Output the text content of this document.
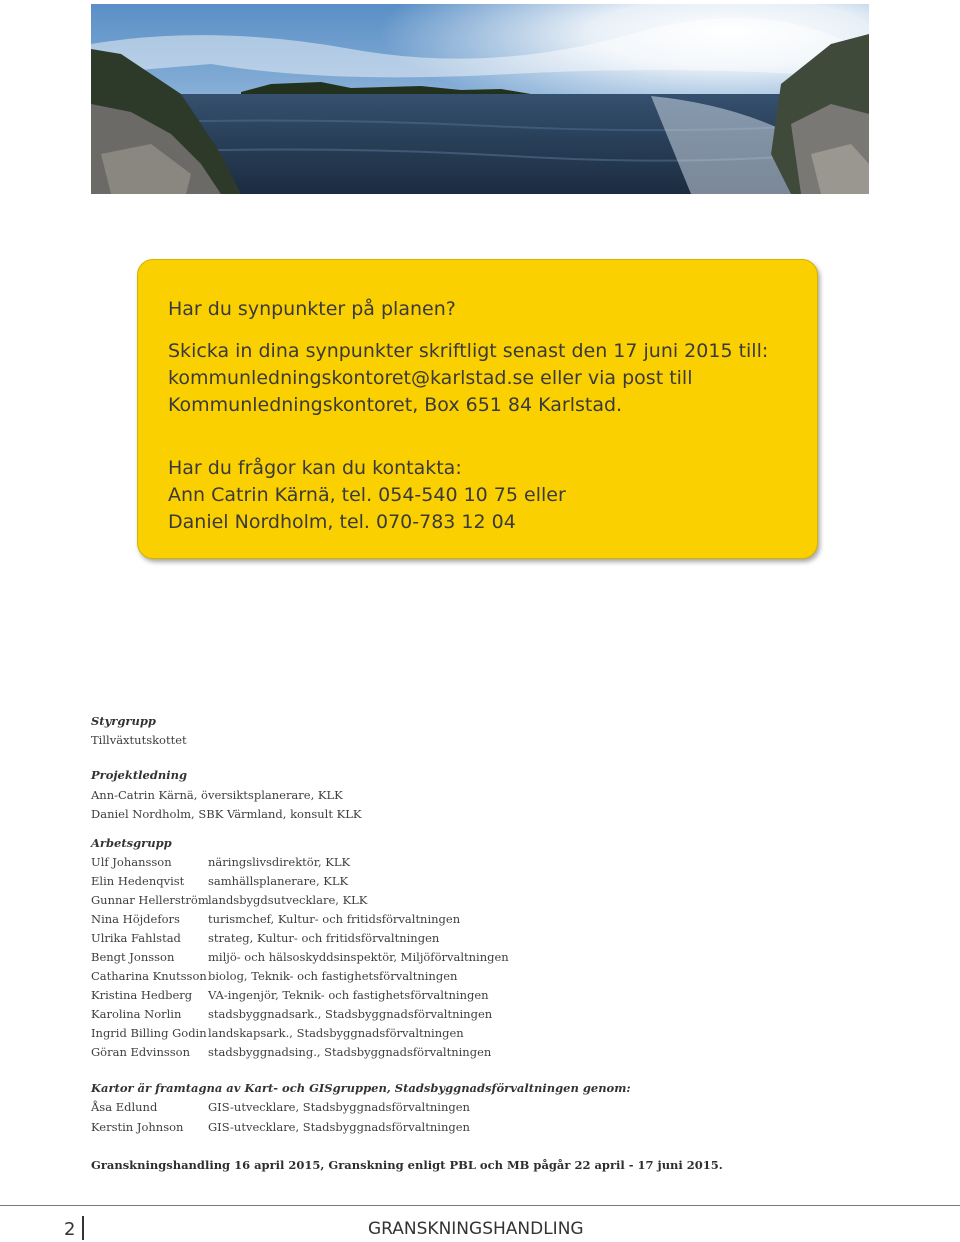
Har du synpunkter på planen?
Skicka in dina synpunkter skriftligt senast den 17 juni 2015 till:
kommunledningskontoret@karlstad.se eller via post till
Kommunledningskontoret, Box 651 84 Karlstad.
Har du frågor kan du kontakta:
Ann Catrin Kärnä, tel. 054-540 10 75 eller
Daniel Nordholm, tel. 070-783 12 04
Styrgrupp
Tillväxtutskottet
Projektledning
Ann-Catrin Kärnä, översiktsplanerare, KLK
Daniel Nordholm, SBK Värmland, konsult KLK
Arbetsgrupp
Ulf Johansson	näringslivsdirektör, KLK
Elin Hedenqvist samhällsplanerare, KLK
Gunnar Hellerström landsbygdsutvecklare, KLK
Nina Höjdefors turismchef, Kultur- och fritidsförvaltningen
Ulrika Fahlstad strateg, Kultur- och fritidsförvaltningen
Bengt Jonsson	miljö- och hälsoskyddsinspektör, Miljöförvaltningen
Catharina Knutsson biolog, Teknik- och fastighetsförvaltningen
Kristina Hedberg VA-ingenjör, Teknik- och fastighetsförvaltningen
Karolina Norlin stadsbyggnadsark., Stadsbyggnadsförvaltningen
Ingrid Billing Godin landskapsark., Stadsbyggnadsförvaltningen
Göran Edvinsson stadsbyggnadsing., Stadsbyggnadsförvaltningen
Kartor är framtagna av Kart- och GISgruppen, Stadsbyggnadsförvaltningen genom:
Åsa Edlund	GIS-utvecklare, Stadsbyggnadsförvaltningen
Kerstin Johnson GIS-utvecklare, Stadsbyggnadsförvaltningen
Granskningshandling 16 april 2015, Granskning enligt PBL och MB pågår 22 april - 17 juni 2015.
2	GRANSKNINGSHANDLING
